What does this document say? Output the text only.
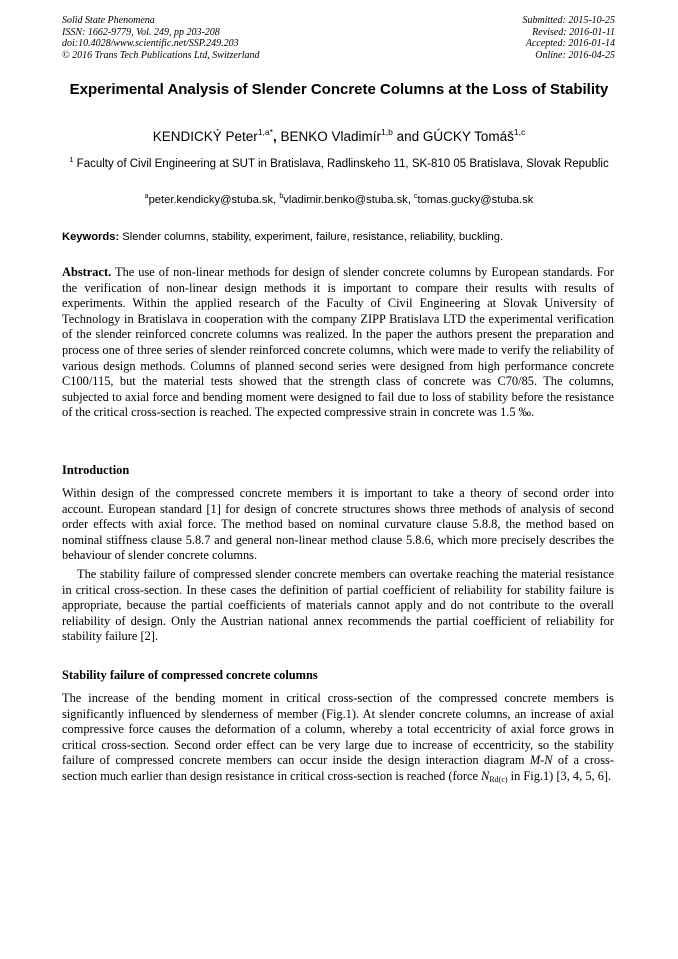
Solid State Phenomena
ISSN: 1662-9779, Vol. 249, pp 203-208
doi:10.4028/www.scientific.net/SSP.249.203
© 2016 Trans Tech Publications Ltd, Switzerland
Submitted: 2015-10-25
Revised: 2016-01-11
Accepted: 2016-01-14
Online: 2016-04-25
Experimental Analysis of Slender Concrete Columns at the Loss of Stability
KENDICKÝ Peter$^{1,a*}$, BENKO Vladimír$^{1,b}$ and GÚCKY Tomáš$^{1,c}$
$^1$ Faculty of Civil Engineering at SUT in Bratislava, Radlinskeho 11, SK-810 05 Bratislava, Slovak Republic
$^a$peter.kendicky@stuba.sk, $^b$vladimir.benko@stuba.sk, $^c$tomas.gucky@stuba.sk
Keywords: Slender columns, stability, experiment, failure, resistance, reliability, buckling.
Abstract. The use of non-linear methods for design of slender concrete columns by European standards. For the verification of non-linear design methods it is important to compare their results with results of experiments. Within the applied research of the Faculty of Civil Engineering at Slovak University of Technology in Bratislava in cooperation with the company ZIPP Bratislava LTD the experimental verification of the slender reinforced concrete columns was realized. In the paper the authors present the preparation and process one of three series of slender reinforced concrete columns, which were made to verify the reliability of various design methods. Columns of planned second series were designed from high performance concrete C100/115, but the material tests showed that the strength class of concrete was C70/85. The columns, subjected to axial force and bending moment were designed to fail due to loss of stability before the resistance of the critical cross-section is reached. The expected compressive strain in concrete was 1.5 ‰.
Introduction
Within design of the compressed concrete members it is important to take a theory of second order into account. European standard [1] for design of concrete structures shows three methods of analysis of second order effects with axial force. The method based on nominal curvature clause 5.8.8, the method based on nominal stiffness clause 5.8.7 and general non-linear method clause 5.8.6, which more precisely describes the behaviour of slender concrete columns.
The stability failure of compressed slender concrete members can overtake reaching the material resistance in critical cross-section. In these cases the definition of partial coefficient of reliability for stability failure is appropriate, because the partial coefficients of materials cannot apply and do not contribute to the overall reliability of design. Only the Austrian national annex recommends the partial coefficient of reliability for stability failure [2].
Stability failure of compressed concrete columns
The increase of the bending moment in critical cross-section of the compressed concrete members is significantly influenced by slenderness of member (Fig.1). At slender concrete columns, an increase of axial compressive force causes the deformation of a column, whereby a total eccentricity of axial force grows in critical cross-section. Second order effect can be very large due to increase of eccentricity, so the stability failure of compressed concrete members can occur inside the design interaction diagram M-N of a cross-section much earlier than design resistance in critical cross-section is reached (force $N_{Rd(c)}$ in Fig.1) [3, 4, 5, 6].
